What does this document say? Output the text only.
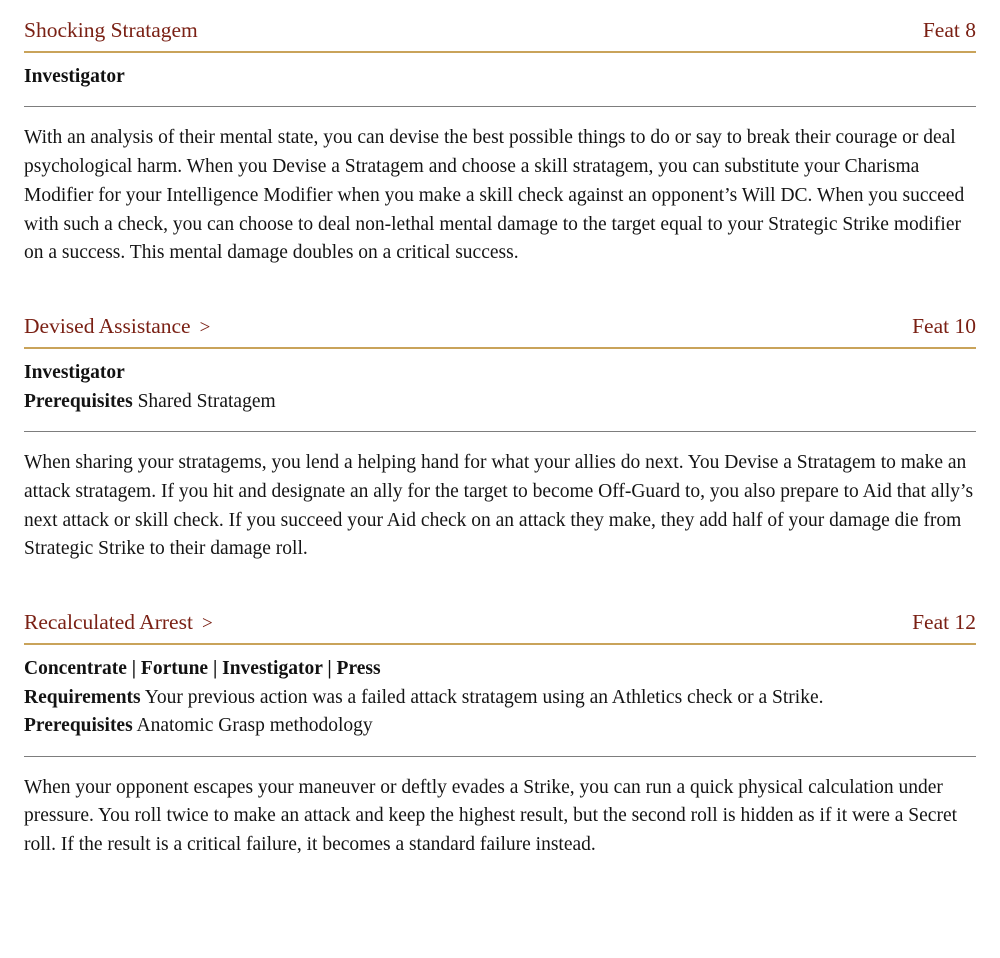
Shocking Stratagem	Feat 8
Investigator

With an analysis of their mental state, you can devise the best possible things to do or say to break their courage or deal psychological harm. When you Devise a Stratagem and choose a skill stratagem, you can substitute your Charisma Modifier for your Intelligence Modifier when you make a skill check against an opponent’s Will DC. When you succeed with such a check, you can choose to deal non-lethal mental damage to the target equal to your Strategic Strike modifier on a success. This mental damage doubles on a critical success.

Devised Assistance >	Feat 10
Investigator
Prerequisites Shared Stratagem

When sharing your stratagems, you lend a helping hand for what your allies do next. You Devise a Stratagem to make an attack stratagem. If you hit and designate an ally for the target to become Off-Guard to, you also prepare to Aid that ally’s next attack or skill check. If you succeed your Aid check on an attack they make, they add half of your damage die from Strategic Strike to their damage roll.

Recalculated Arrest >	Feat 12
Concentrate | Fortune | Investigator | Press
Requirements Your previous action was a failed attack stratagem using an Athletics check or a Strike.
Prerequisites Anatomic Grasp methodology

When your opponent escapes your maneuver or deftly evades a Strike, you can run a quick physical calculation under pressure. You roll twice to make an attack and keep the highest result, but the second roll is hidden as if it were a Secret roll. If the result is a critical failure, it becomes a standard failure instead.
